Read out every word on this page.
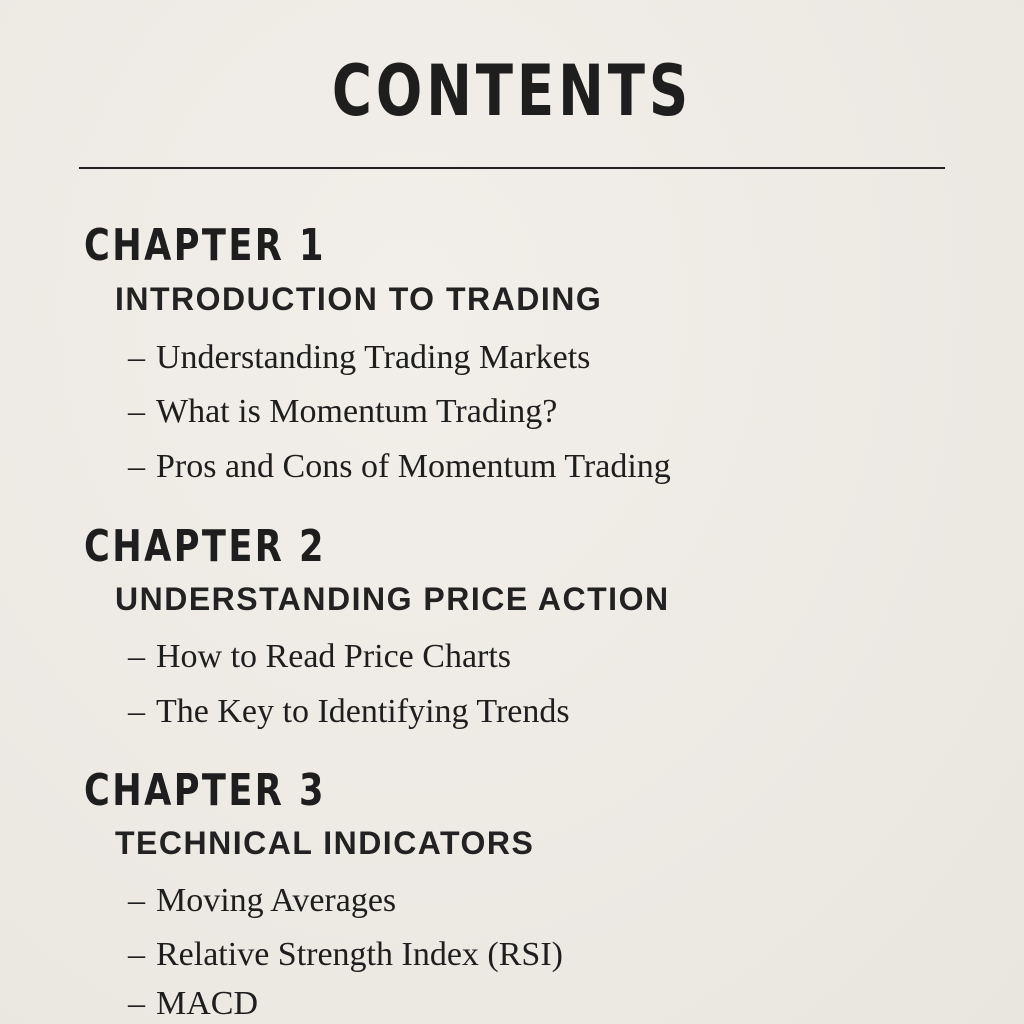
CONTENTS
CHAPTER 1
INTRODUCTION TO TRADING
– Understanding Trading Markets
– What is Momentum Trading?
– Pros and Cons of Momentum Trading
CHAPTER 2
UNDERSTANDING PRICE ACTION
– How to Read Price Charts
– The Key to Identifying Trends
CHAPTER 3
TECHNICAL INDICATORS
– Moving Averages
– Relative Strength Index (RSI)
– MACD
